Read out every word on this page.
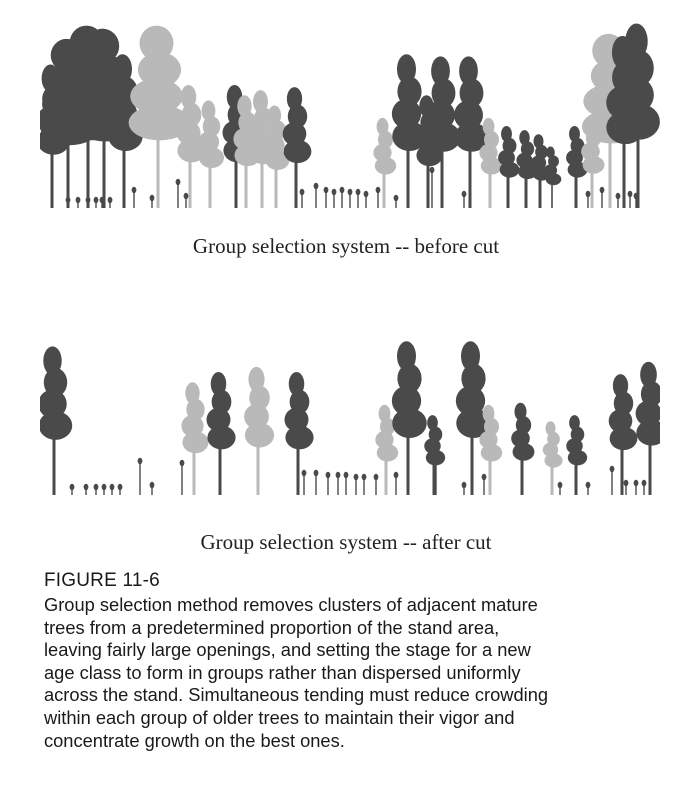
Group selection system -- before cut
Group selection system -- after cut
FIGURE 11-6
Group selection method removes clusters of adjacent mature
trees from a predetermined proportion of the stand area,
leaving fairly large openings, and setting the stage for a new
age class to form in groups rather than dispersed uniformly
across the stand. Simultaneous tending must reduce crowding
within each group of older trees to maintain their vigor and
concentrate growth on the best ones.
